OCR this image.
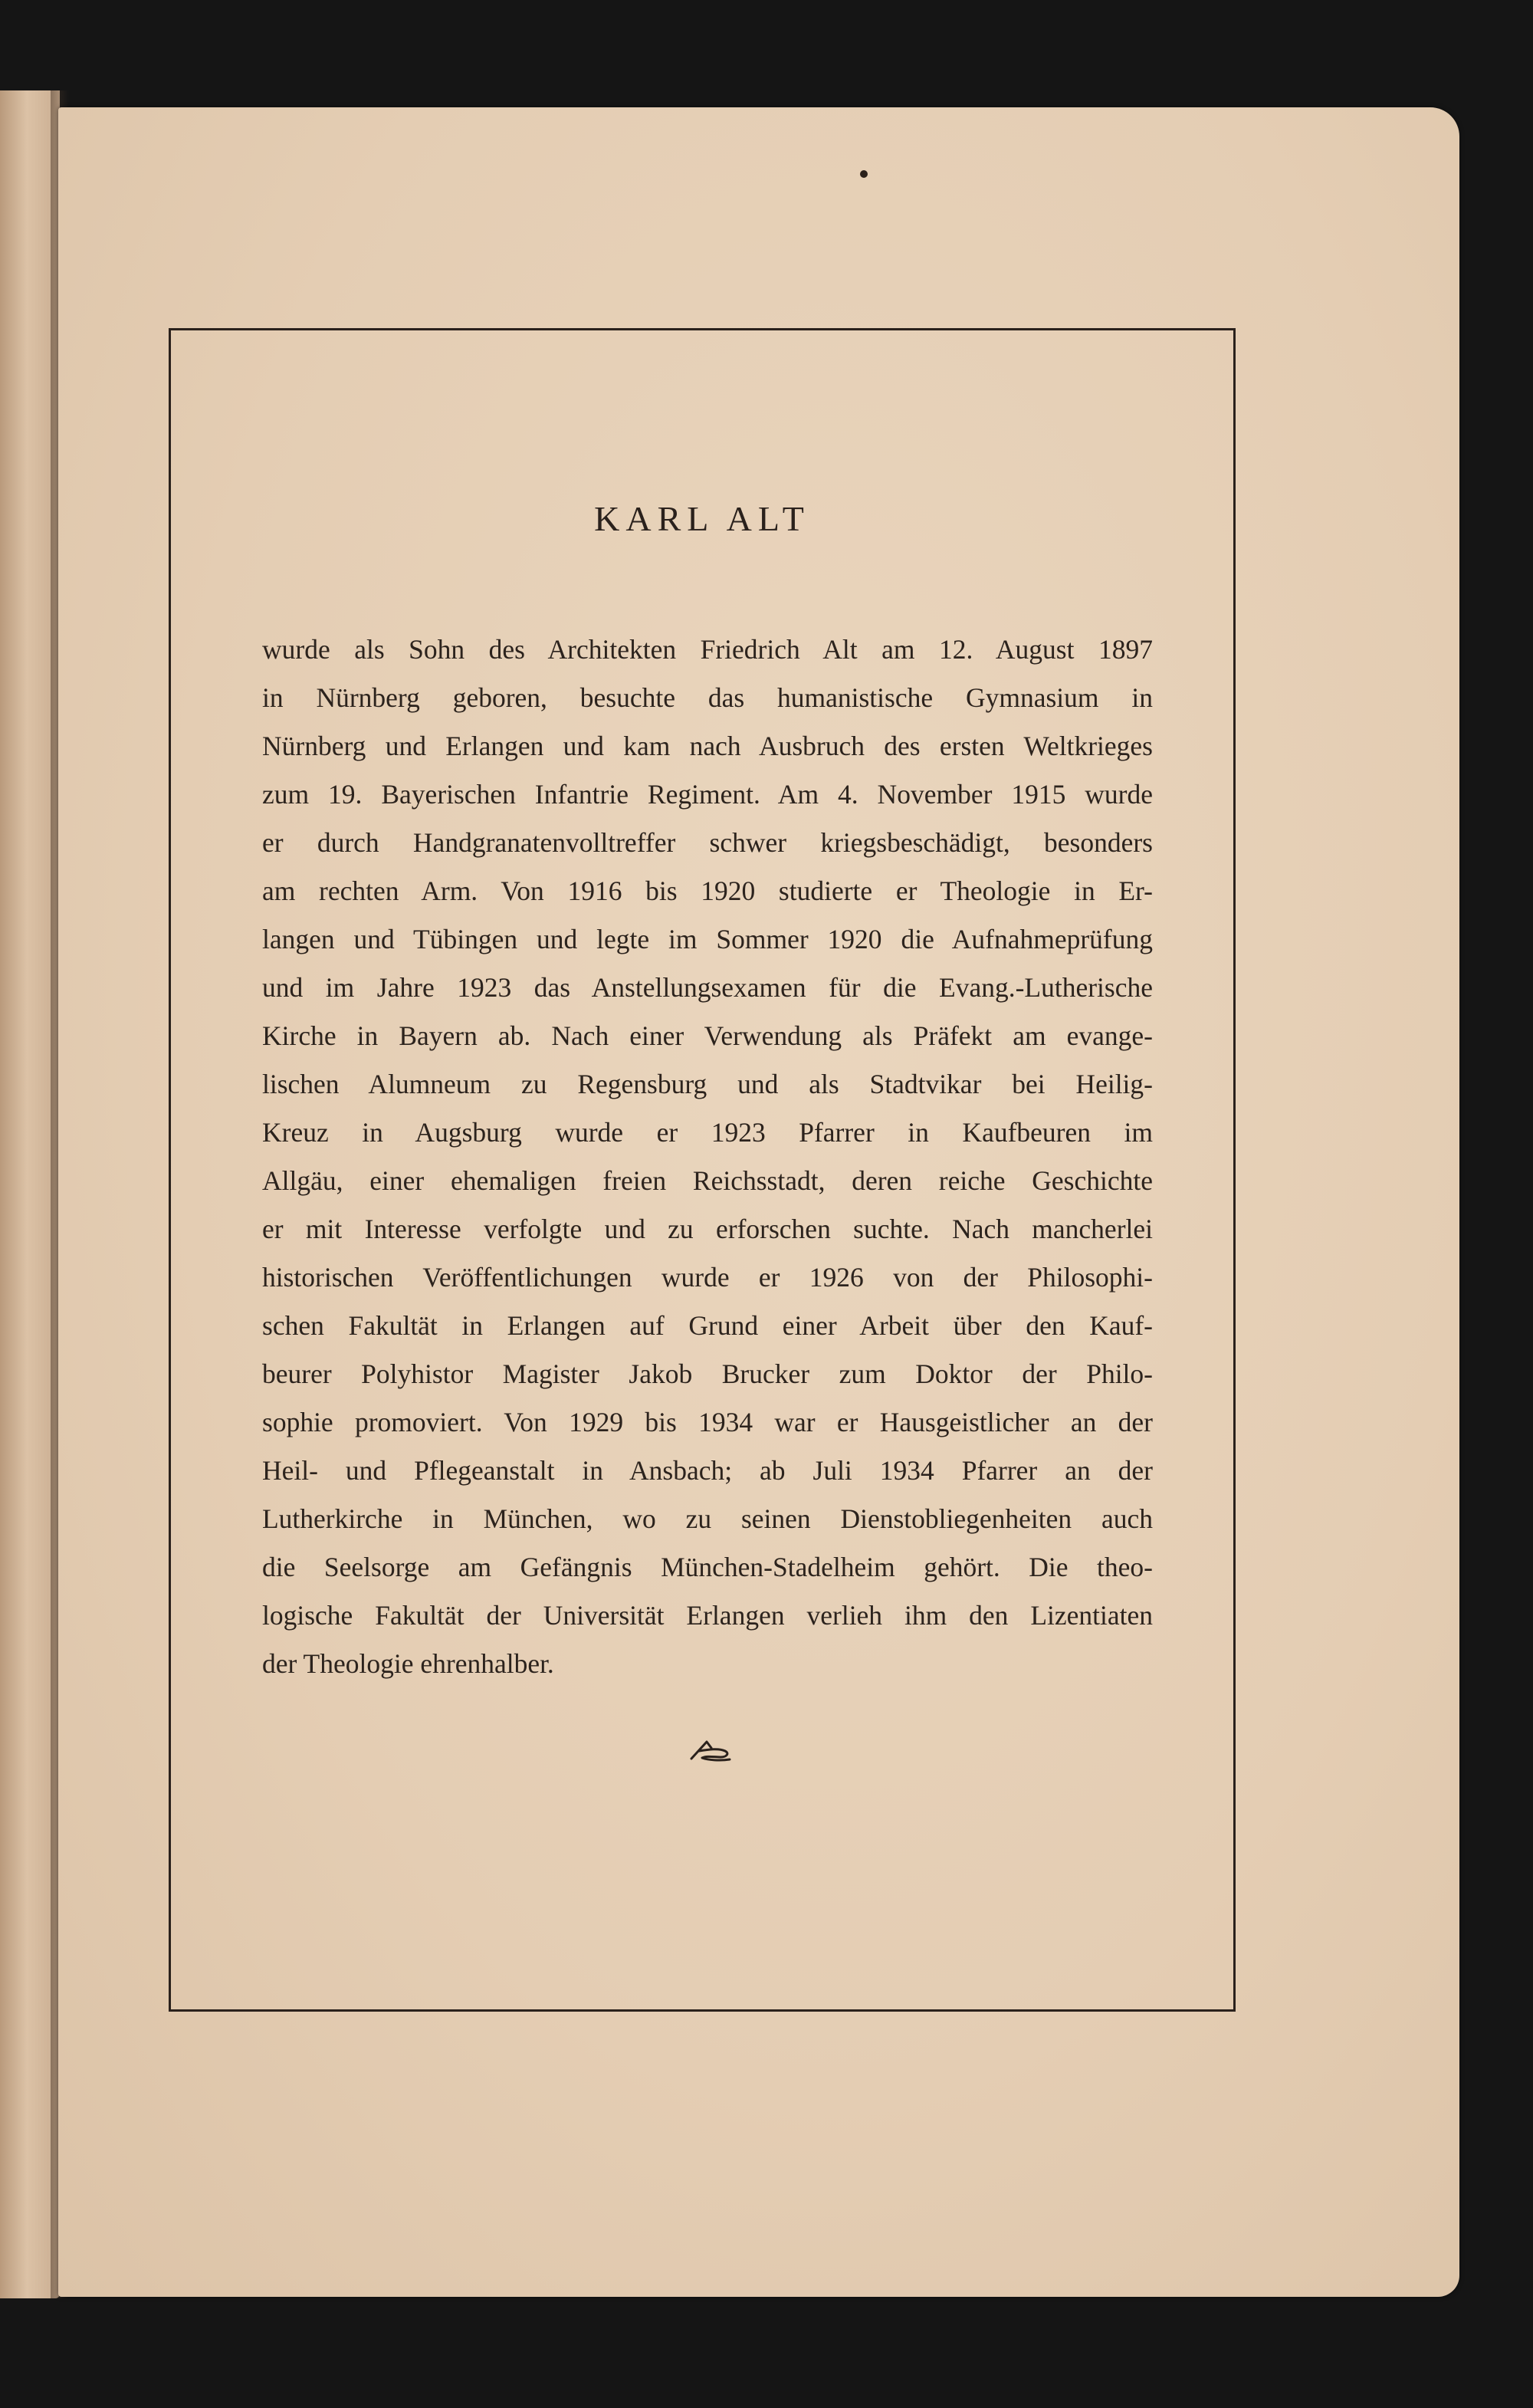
KARL ALT
wurde als Sohn des Architekten Friedrich Alt am 12. August 1897
in Nürnberg geboren, besuchte das humanistische Gymnasium in
Nürnberg und Erlangen und kam nach Ausbruch des ersten Weltkrieges
zum 19. Bayerischen Infantrie Regiment. Am 4. November 1915 wurde
er durch Handgranatenvolltreffer schwer kriegsbeschädigt, besonders
am rechten Arm. Von 1916 bis 1920 studierte er Theologie in Er-
langen und Tübingen und legte im Sommer 1920 die Aufnahmeprüfung
und im Jahre 1923 das Anstellungsexamen für die Evang.-Lutherische
Kirche in Bayern ab. Nach einer Verwendung als Präfekt am evange-
lischen Alumneum zu Regensburg und als Stadtvikar bei Heilig-
Kreuz in Augsburg wurde er 1923 Pfarrer in Kaufbeuren im
Allgäu, einer ehemaligen freien Reichsstadt, deren reiche Geschichte
er mit Interesse verfolgte und zu erforschen suchte. Nach mancherlei
historischen Veröffentlichungen wurde er 1926 von der Philosophi-
schen Fakultät in Erlangen auf Grund einer Arbeit über den Kauf-
beurer Polyhistor Magister Jakob Brucker zum Doktor der Philo-
sophie promoviert. Von 1929 bis 1934 war er Hausgeistlicher an der
Heil- und Pflegeanstalt in Ansbach; ab Juli 1934 Pfarrer an der
Lutherkirche in München, wo zu seinen Dienstobliegenheiten auch
die Seelsorge am Gefängnis München-Stadelheim gehört. Die theo-
logische Fakultät der Universität Erlangen verlieh ihm den Lizentiaten
der Theologie ehrenhalber.
